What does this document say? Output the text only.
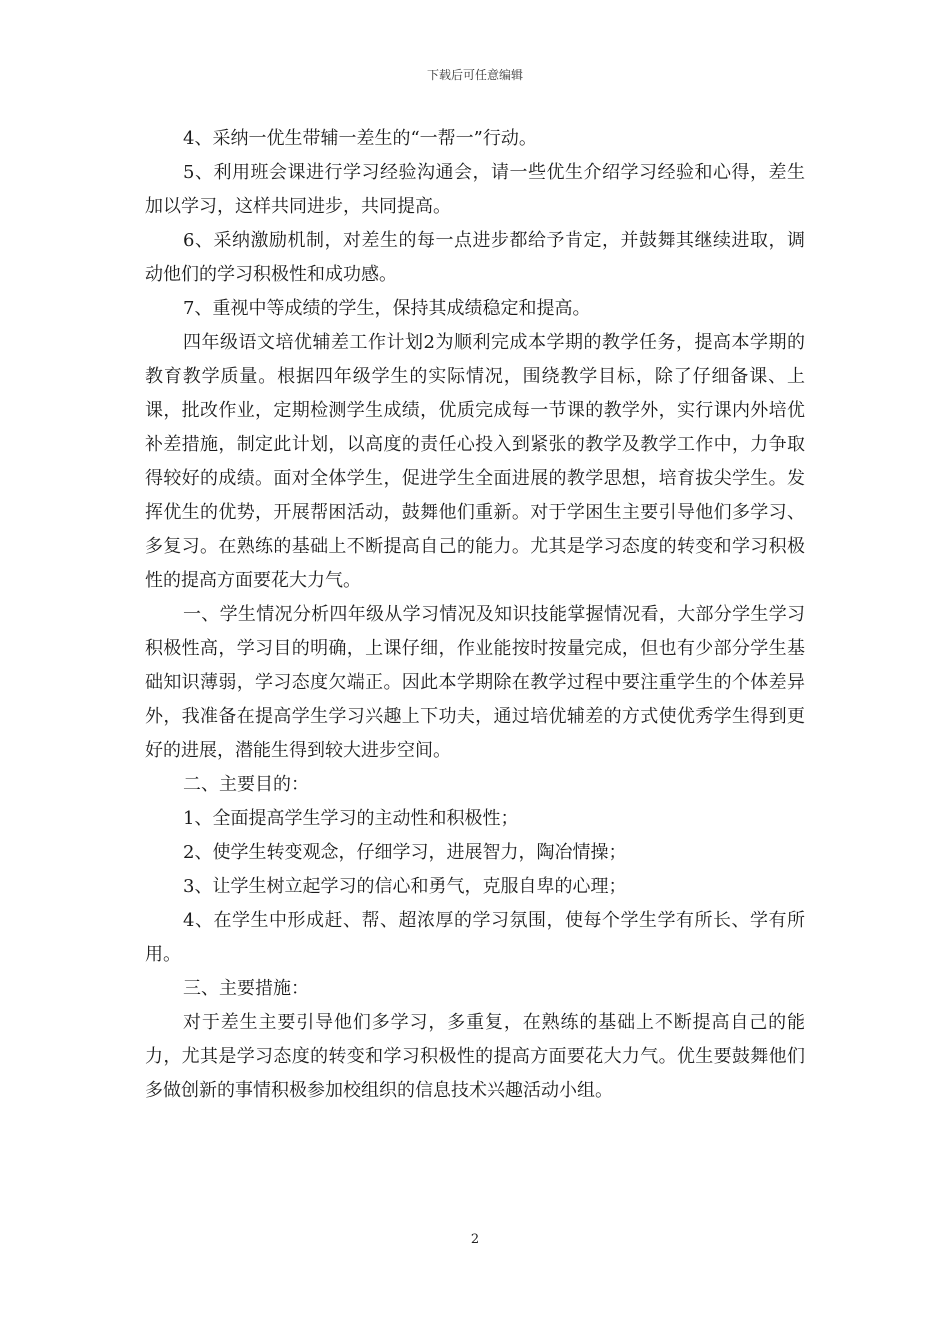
下载后可任意编辑

4、采纳一优生带辅一差生的“一帮一”行动。

5、利用班会课进行学习经验沟通会，请一些优生介绍学习经验和心得，差生加以学习，这样共同进步，共同提高。

6、采纳激励机制，对差生的每一点进步都给予肯定，并鼓舞其继续进取，调动他们的学习积极性和成功感。

7、重视中等成绩的学生，保持其成绩稳定和提高。

四年级语文培优辅差工作计划2为顺利完成本学期的教学任务，提高本学期的教育教学质量。根据四年级学生的实际情况，围绕教学目标，除了仔细备课、上课，批改作业，定期检测学生成绩，优质完成每一节课的教学外，实行课内外培优补差措施，制定此计划，以高度的责任心投入到紧张的教学及教学工作中，力争取得较好的成绩。面对全体学生，促进学生全面进展的教学思想，培育拔尖学生。发挥优生的优势，开展帮困活动，鼓舞他们重新。对于学困生主要引导他们多学习、多复习。在熟练的基础上不断提高自己的能力。尤其是学习态度的转变和学习积极性的提高方面要花大力气。

一、学生情况分析四年级从学习情况及知识技能掌握情况看，大部分学生学习积极性高，学习目的明确，上课仔细，作业能按时按量完成，但也有少部分学生基础知识薄弱，学习态度欠端正。因此本学期除在教学过程中要注重学生的个体差异外，我准备在提高学生学习兴趣上下功夫，通过培优辅差的方式使优秀学生得到更好的进展，潜能生得到较大进步空间。

二、主要目的：

1、全面提高学生学习的主动性和积极性；

2、使学生转变观念，仔细学习，进展智力，陶冶情操；

3、让学生树立起学习的信心和勇气，克服自卑的心理；

4、在学生中形成赶、帮、超浓厚的学习氛围，使每个学生学有所长、学有所用。

三、主要措施：

对于差生主要引导他们多学习，多重复，在熟练的基础上不断提高自己的能力，尤其是学习态度的转变和学习积极性的提高方面要花大力气。优生要鼓舞他们多做创新的事情积极参加校组织的信息技术兴趣活动小组。

2
